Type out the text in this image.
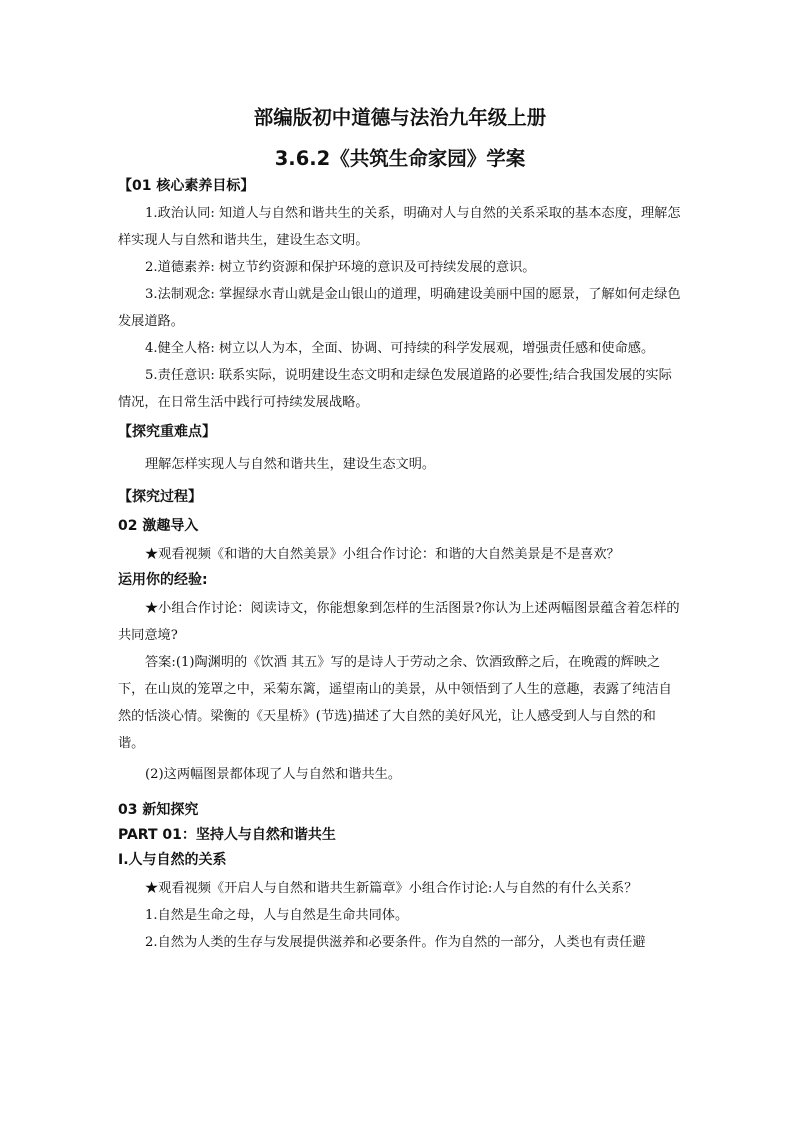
部编版初中道德与法治九年级上册
3.6.2《共筑生命家园》学案
【01 核心素养目标】

1.政治认同: 知道人与自然和谐共生的关系，明确对人与自然的关系采取的基本态度，理解怎样实现人与自然和谐共生，建设生态文明。

2.道德素养: 树立节约资源和保护环境的意识及可持续发展的意识。

3.法制观念: 掌握绿水青山就是金山银山的道理，明确建设美丽中国的愿景，了解如何走绿色发展道路。

4.健全人格: 树立以人为本，全面、协调、可持续的科学发展观，增强责任感和使命感。

5.责任意识: 联系实际，说明建设生态文明和走绿色发展道路的必要性;结合我国发展的实际情况，在日常生活中践行可持续发展战略。

【探究重难点】

理解怎样实现人与自然和谐共生，建设生态文明。

【探究过程】
02 激趣导入

★观看视频《和谐的大自然美景》小组合作讨论：和谐的大自然美景是不是喜欢？

运用你的经验:

★小组合作讨论：阅读诗文，你能想象到怎样的生活图景?你认为上述两幅图景蕴含着怎样的共同意境?

答案:(1)陶渊明的《饮酒 其五》写的是诗人于劳动之余、饮酒致醉之后，在晚霞的辉映之下，在山岚的笼罩之中，采菊东篱，遥望南山的美景，从中领悟到了人生的意趣，表露了纯洁自然的恬淡心情。梁衡的《天星桥》(节选)描述了大自然的美好风光，让人感受到人与自然的和谐。

(2)这两幅图景都体现了人与自然和谐共生。

03 新知探究
PART 01：坚持人与自然和谐共生
Ⅰ.人与自然的关系

★观看视频《开启人与自然和谐共生新篇章》小组合作讨论:人与自然的有什么关系？

1.自然是生命之母，人与自然是生命共同体。

2.自然为人类的生存与发展提供滋养和必要条件。作为自然的一部分，人类也有责任避
